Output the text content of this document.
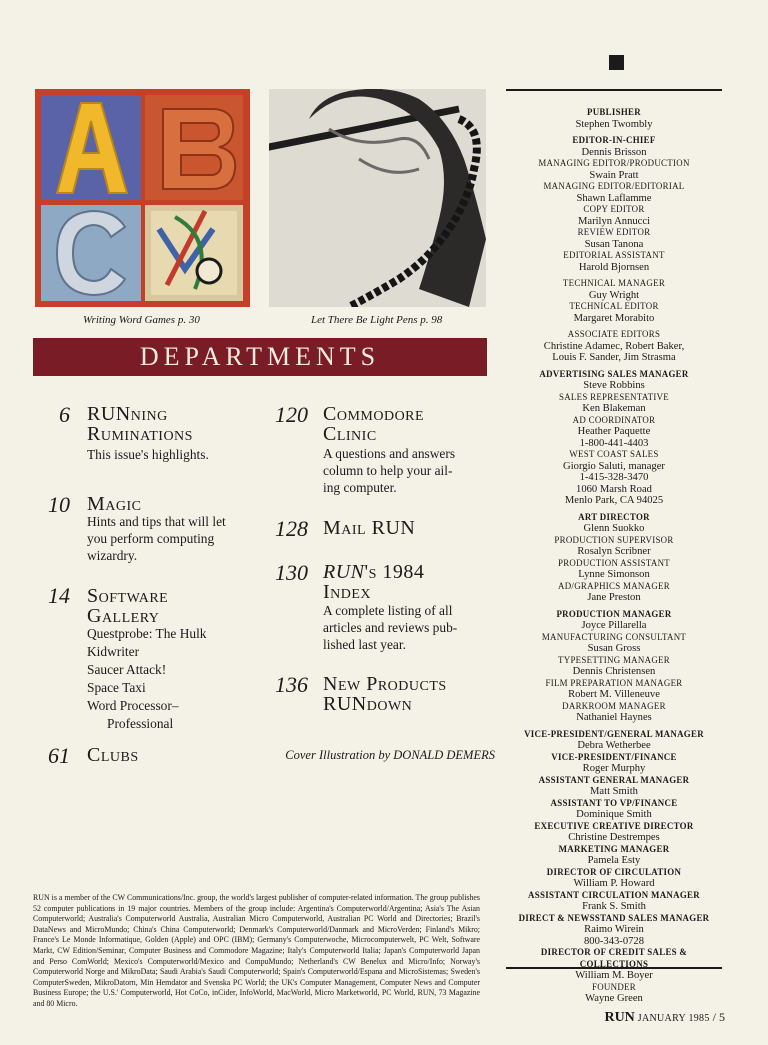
Writing Word Games p. 30	Let There Be Light Pens p. 98
DEPARTMENTS
6 RUNning
Ruminations
This issue's highlights.
10 Magic
Hints and tips that will let
you perform computing
wizardry.
14 Software
Gallery
Questprobe: The Hulk
Kidwriter
Saucer Attack!
Space Taxi
Word Processor–
Professional
61 Clubs
120 Commodore
Clinic
A questions and answers
column to help your ail-
ing computer.
128 Mail RUN
130 RUN's 1984
Index
A complete listing of all
articles and reviews pub-
lished last year.
136 New Products
RUNdown
Cover Illustration by DONALD DEMERS
RUN is a member of the CW Communications/Inc. group, the world's largest publisher of computer-related information. The group publishes 52 computer publications in 19 major countries. Members of the group include: Argentina's Computerworld/Argentina; Asia's The Asian Computerworld; Australia's Computerworld Australia, Australian Micro Computerworld, Australian PC World and Directories; Brazil's DataNews and MicroMundo; China's China Computerworld; Denmark's Computerworld/Danmark and MicroVerden; Finland's Mikro; France's Le Monde Informatique, Golden (Apple) and OPC (IBM); Germany's Computerwoche, Microcomputerwelt, PC Welt, Software Markt, CW Edition/Seminar, Computer Business and Commodore Magazine; Italy's Computerworld Italia; Japan's Computerworld Japan and Perso ComWorld; Mexico's Computerworld/Mexico and CompuMundo; Netherland's CW Benelux and Micro/Info; Norway's Computerworld Norge and MikroData; Saudi Arabia's Saudi Computerworld; Spain's Computerworld/Espana and MicroSistemas; Sweden's ComputerSweden, MikroDatorn, Min Hemdator and Svenska PC World; the UK's Computer Management, Computer News and Computer Business Europe; the U.S.' Computerworld, Hot CoCo, inCider, InfoWorld, MacWorld, Micro Marketworld, PC World, RUN, 73 Magazine and 80 Micro.
PUBLISHER
Stephen Twombly
EDITOR-IN-CHIEF
Dennis Brisson
MANAGING EDITOR/PRODUCTION
Swain Pratt
MANAGING EDITOR/EDITORIAL
Shawn Laflamme
COPY EDITOR
Marilyn Annucci
REVIEW EDITOR
Susan Tanona
EDITORIAL ASSISTANT
Harold Bjornsen
TECHNICAL MANAGER
Guy Wright
TECHNICAL EDITOR
Margaret Morabito
ASSOCIATE EDITORS
Christine Adamec, Robert Baker,
Louis F. Sander, Jim Strasma
ADVERTISING SALES MANAGER
Steve Robbins
SALES REPRESENTATIVE
Ken Blakeman
AD COORDINATOR
Heather Paquette
1-800-441-4403
WEST COAST SALES
Giorgio Saluti, manager
1-415-328-3470
1060 Marsh Road
Menlo Park, CA 94025
ART DIRECTOR
Glenn Suokko
PRODUCTION SUPERVISOR
Rosalyn Scribner
PRODUCTION ASSISTANT
Lynne Simonson
AD/GRAPHICS MANAGER
Jane Preston
PRODUCTION MANAGER
Joyce Pillarella
MANUFACTURING CONSULTANT
Susan Gross
TYPESETTING MANAGER
Dennis Christensen
FILM PREPARATION MANAGER
Robert M. Villeneuve
DARKROOM MANAGER
Nathaniel Haynes
VICE-PRESIDENT/GENERAL MANAGER
Debra Wetherbee
VICE-PRESIDENT/FINANCE
Roger Murphy
ASSISTANT GENERAL MANAGER
Matt Smith
ASSISTANT TO VP/FINANCE
Dominique Smith
EXECUTIVE CREATIVE DIRECTOR
Christine Destrempes
MARKETING MANAGER
Pamela Esty
DIRECTOR OF CIRCULATION
William P. Howard
ASSISTANT CIRCULATION MANAGER
Frank S. Smith
DIRECT & NEWSSTAND SALES MANAGER
Raimo Wirein
800-343-0728
DIRECTOR OF CREDIT SALES & COLLECTIONS
William M. Boyer
FOUNDER
Wayne Green
RUN JANUARY 1985 / 5
